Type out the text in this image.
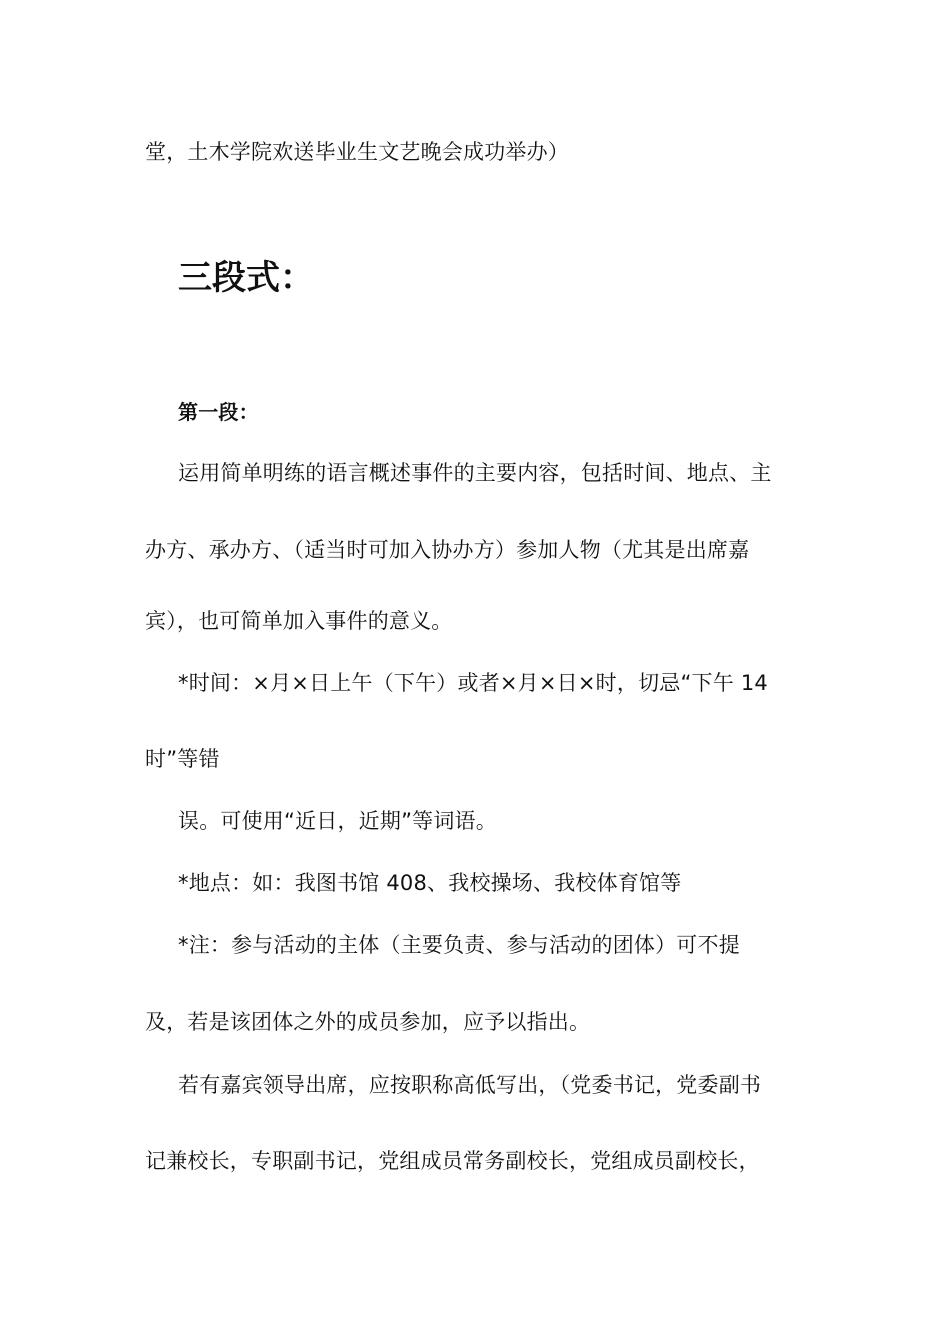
堂，土木学院欢送毕业生文艺晚会成功举办）
三段式：
第一段：
运用简单明练的语言概述事件的主要内容，包括时间、地点、主
办方、承办方、（适当时可加入协办方）参加人物（尤其是出席嘉
宾），也可简单加入事件的意义。
*时间：×月×日上午（下午）或者×月×日×时，切忌“下午 14
时”等错
误。可使用“近日，近期”等词语。
*地点：如：我图书馆 408、我校操场、我校体育馆等
*注：参与活动的主体（主要负责、参与活动的团体）可不提
及，若是该团体之外的成员参加，应予以指出。
若有嘉宾领导出席，应按职称高低写出，（党委书记，党委副书
记兼校长，专职副书记，党组成员常务副校长，党组成员副校长，
